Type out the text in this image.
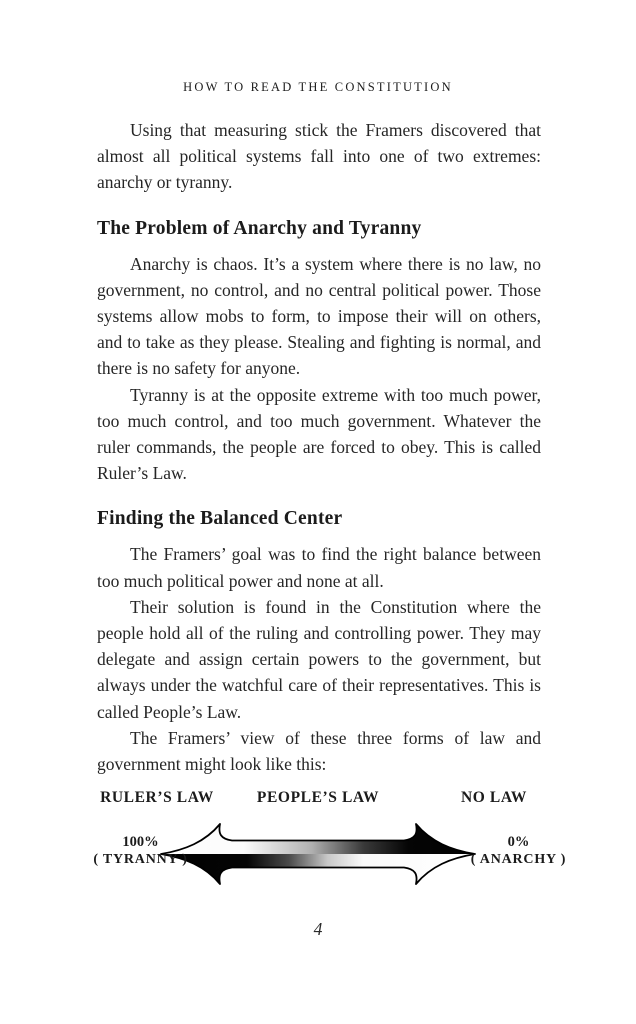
HOW TO READ THE CONSTITUTION

Using that measuring stick the Framers discovered that almost all political systems fall into one of two extremes: anarchy or tyranny.

The Problem of Anarchy and Tyranny

Anarchy is chaos. It’s a system where there is no law, no government, no control, and no central political power. Those systems allow mobs to form, to impose their will on others, and to take as they please. Stealing and fighting is normal, and there is no safety for anyone.

Tyranny is at the opposite extreme with too much power, too much control, and too much government. Whatever the ruler commands, the people are forced to obey. This is called Ruler’s Law.

Finding the Balanced Center

The Framers’ goal was to find the right balance between too much political power and none at all.

Their solution is found in the Constitution where the people hold all of the ruling and controlling power. They may delegate and assign certain powers to the government, but always under the watchful care of their representatives. This is called People’s Law.

The Framers’ view of these three forms of law and government might look like this:

RULER’S LAW	PEOPLE’S LAW	NO LAW
100%
( TYRANNY )
0%
( ANARCHY )
4
